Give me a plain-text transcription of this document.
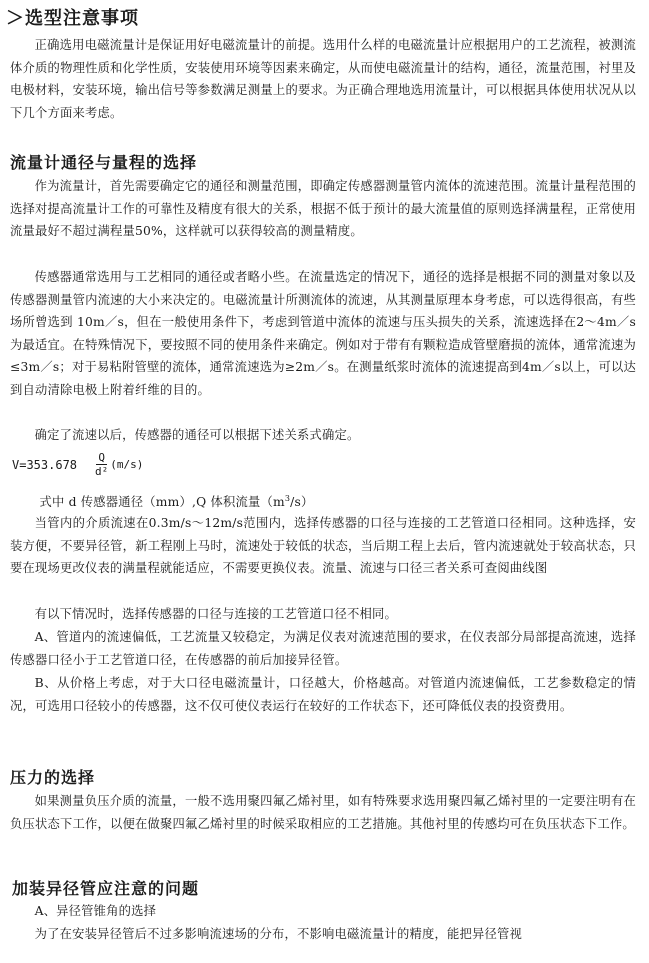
＞选型注意事项

正确选用电磁流量计是保证用好电磁流量计的前提。选用什么样的电磁流量计应根据用户的工艺流程，被测流体介质的物理性质和化学性质，安装使用环境等因素来确定，从而使电磁流量计的结构，通径，流量范围，衬里及电极材料，安装环境，输出信号等参数满足测量上的要求。为正确合理地选用流量计，可以根据具体使用状况从以下几个方面来考虑。

流量计通径与量程的选择

作为流量计，首先需要确定它的通径和测量范围，即确定传感器测量管内流体的流速范围。流量计量程范围的选择对提高流量计工作的可靠性及精度有很大的关系，根据不低于预计的最大流量值的原则选择满量程，正常使用流量最好不超过满程量50%，这样就可以获得较高的测量精度。

传感器通常选用与工艺相同的通径或者略小些。在流量选定的情况下，通径的选择是根据不同的测量对象以及传感器测量管内流速的大小来决定的。电磁流量计所测流体的流速，从其测量原理本身考虑，可以选得很高，有些场所曾选到 10m／s，但在一般使用条件下，考虑到管道中流体的流速与压头损失的关系，流速选择在2～4m／s为最适宜。在特殊情况下，要按照不同的使用条件来确定。例如对于带有有颗粒造成管壁磨损的流体，通常流速为≤3m／s；对于易粘附管壁的流体，通常流速选为≥2m／s。在测量纸浆时流体的流速提高到4m／s以上，可以达到自动清除电极上附着纤维的目的。

确定了流速以后，传感器的通径可以根据下述关系式确定。

$V=353.678 \frac{Q}{\text{d²}} (m/s)$

式中 d 传感器通径（mm）,Q 体积流量$(m^3/s)$

当管内的介质流速在0.3m/s～12m/s范围内，选择传感器的口径与连接的工艺管道口径相同。这种选择，安装方便，不要异径管，新工程刚上马时，流速处于较低的状态，当后期工程上去后，管内流速就处于较高状态，只要在现场更改仪表的满量程就能适应，不需要更换仪表。流量、流速与口径三者关系可查阅曲线图

有以下情况时，选择传感器的口径与连接的工艺管道口径不相同。

A、管道内的流速偏低，工艺流量又较稳定，为满足仪表对流速范围的要求，在仪表部分局部提高流速，选择传感器口径小于工艺管道口径，在传感器的前后加接异径管。

B、从价格上考虑，对于大口径电磁流量计，口径越大，价格越高。对管道内流速偏低，工艺参数稳定的情况，可选用口径较小的传感器，这不仅可使仪表运行在较好的工作状态下，还可降低仪表的投资费用。

压力的选择

如果测量负压介质的流量，一般不选用聚四氟乙烯衬里，如有特殊要求选用聚四氟乙烯衬里的一定要注明有在负压状态下工作，以便在做聚四氟乙烯衬里的时候采取相应的工艺措施。其他衬里的传感均可在负压状态下工作。

加装异径管应注意的问题

A、异径管锥角的选择

为了在安装异径管后不过多影响流速场的分布，不影响电磁流量计的精度，能把异径管视
